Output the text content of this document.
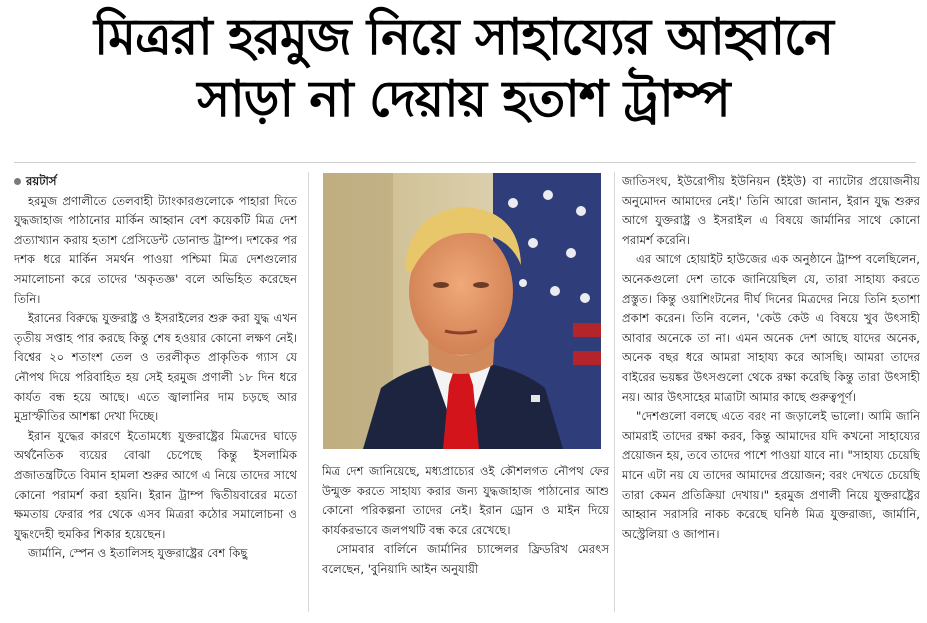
মিত্ররা হরমুজ নিয়ে সাহায্যের আহ্বানে
সাড়া না দেয়ায় হতাশ ট্রাম্প

রয়টার্স

হরমুজ প্রণালীতে তেলবাহী ট্যাংকারগুলোকে পাহারা দিতে যুদ্ধজাহাজ পাঠানোর মার্কিন আহ্বান বেশ কয়েকটি মিত্র দেশ প্রত্যাখ্যান করায় হতাশ প্রেসিডেন্ট ডোনাল্ড ট্রাম্প। দশকের পর দশক ধরে মার্কিন সমর্থন পাওয়া পশ্চিমা মিত্র দেশগুলোর সমালোচনা করে তাদের 'অকৃতজ্ঞ' বলে অভিহিত করেছেন তিনি।

ইরানের বিরুদ্ধে যুক্তরাষ্ট্র ও ইসরাইলের শুরু করা যুদ্ধ এখন তৃতীয় সপ্তাহ পার করছে কিন্তু শেষ হওয়ার কোনো লক্ষণ নেই। বিশ্বের ২০ শতাংশ তেল ও তরলীকৃত প্রাকৃতিক গ্যাস যে নৌপথ দিয়ে পরিবাহিত হয় সেই হরমুজ প্রণালী ১৮ দিন ধরে কার্যত বন্ধ হয়ে আছে। এতে জ্বালানির দাম চড়ছে আর মুদ্রাস্ফীতির আশঙ্কা দেখা দিচ্ছে।

ইরান যুদ্ধের কারণে ইতোমধ্যে যুক্তরাষ্ট্রের মিত্রদের ঘাড়ে অর্থনৈতিক ব্যয়ের বোঝা চেপেছে কিন্তু ইসলামিক প্রজাতন্ত্রটিতে বিমান হামলা শুরুর আগে এ নিয়ে তাদের সাথে কোনো পরামর্শ করা হয়নি। ইরান ট্রাম্প দ্বিতীয়বারের মতো ক্ষমতায় ফেরার পর থেকে এসব মিত্ররা কঠোর সমালোচনা ও যুদ্ধংদেহী হুমকির শিকার হয়েছেন।

জার্মানি, স্পেন ও ইতালিসহ যুক্তরাষ্ট্রের বেশ কিছু

মিত্র দেশ জানিয়েছে, মধ্যপ্রাচ্যের ওই কৌশলগত নৌপথ ফের উন্মুক্ত করতে সাহায্য করার জন্য যুদ্ধজাহাজ পাঠানোর আশু কোনো পরিকল্পনা তাদের নেই। ইরান ড্রোন ও মাইন দিয়ে কার্যকরভাবে জলপথটি বন্ধ করে রেখেছে।

সোমবার বার্লিনে জার্মানির চ্যান্সেলর ফ্রিডরিখ মেরৎস বলেছেন, 'বুনিয়াদি আইন অনুযায়ী

জাতিসংঘ, ইউরোপীয় ইউনিয়ন (ইইউ) বা ন্যাটোর প্রয়োজনীয় অনুমোদন আমাদের নেই।' তিনি আরো জানান, ইরান যুদ্ধ শুরুর আগে যুক্তরাষ্ট্র ও ইসরাইল এ বিষয়ে জার্মানির সাথে কোনো পরামর্শ করেনি।

এর আগে হোয়াইট হাউজের এক অনুষ্ঠানে ট্রাম্প বলেছিলেন, অনেকগুলো দেশ তাকে জানিয়েছিল যে, তারা সাহায্য করতে প্রস্তুত। কিন্তু ওয়াশিংটনের দীর্ঘ দিনের মিত্রদের নিয়ে তিনি হতাশা প্রকাশ করেন। তিনি বলেন, 'কেউ কেউ এ বিষয়ে খুব উৎসাহী আবার অনেকে তা না। এমন অনেক দেশ আছে যাদের অনেক, অনেক বছর ধরে আমরা সাহায্য করে আসছি। আমরা তাদের বাইরের ভয়ঙ্কর উৎসগুলো থেকে রক্ষা করেছি কিন্তু তারা উৎসাহী নয়। আর উৎসাহের মাত্রাটা আমার কাছে গুরুত্বপূর্ণ।

"দেশগুলো বলছে এতে বরং না জড়ালেই ভালো। আমি জানি আমরাই তাদের রক্ষা করব, কিন্তু আমাদের যদি কখনো সাহায্যের প্রয়োজন হয়, তবে তাদের পাশে পাওয়া যাবে না। "সাহায্য চেয়েছি মানে এটা নয় যে তাদের আমাদের প্রয়োজন; বরং দেখতে চেয়েছি তারা কেমন প্রতিক্রিয়া দেখায়।" হরমুজ প্রণালী নিয়ে যুক্তরাষ্ট্রের আহ্বান সরাসরি নাকচ করেছে ঘনিষ্ঠ মিত্র যুক্তরাজ্য, জার্মানি, অস্ট্রেলিয়া ও জাপান।
